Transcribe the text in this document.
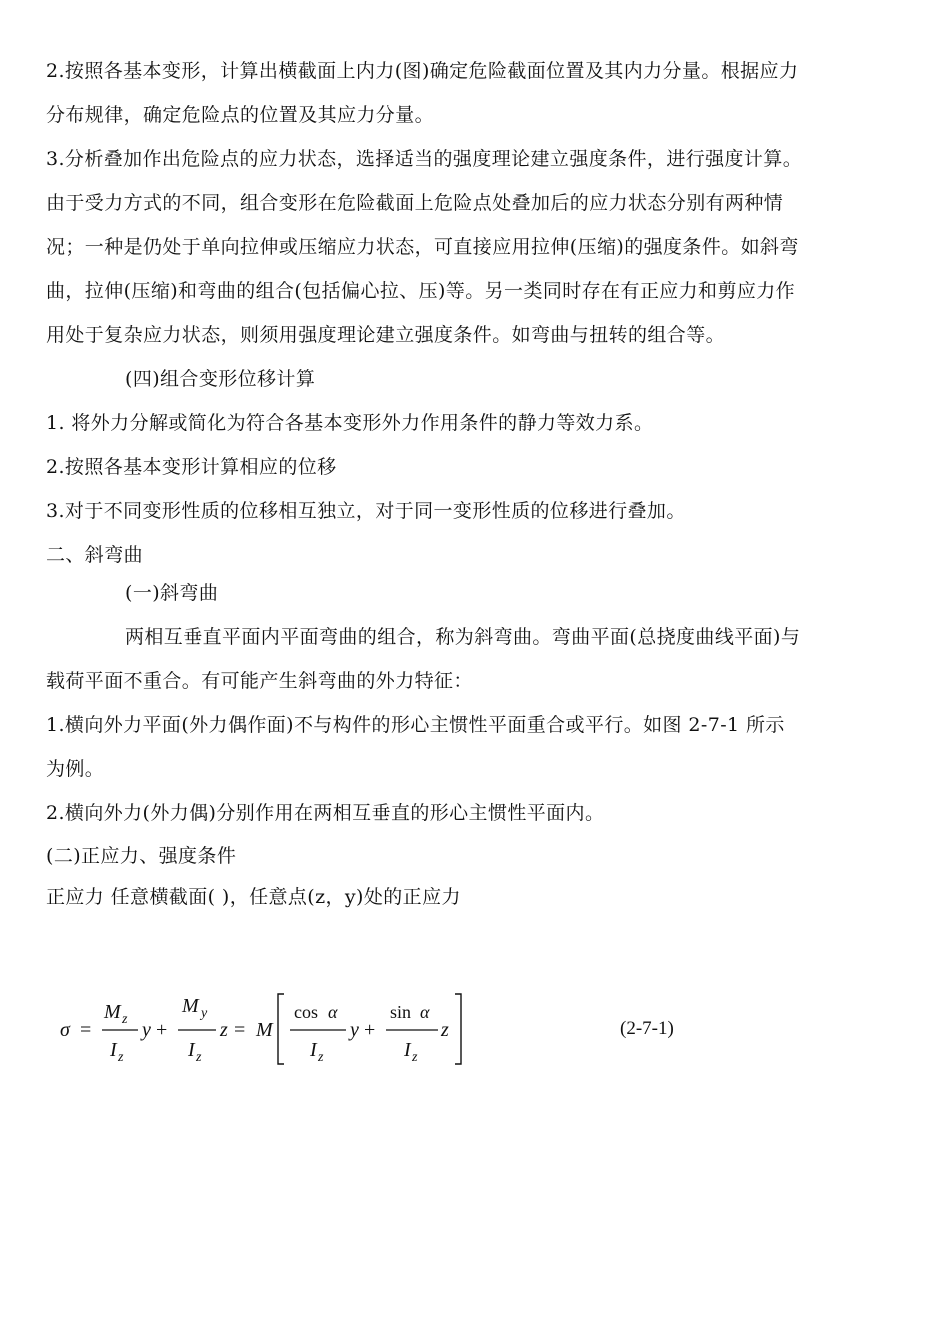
2.按照各基本变形，计算出横截面上内力(图)确定危险截面位置及其内力分量。根据应力
分布规律，确定危险点的位置及其应力分量。
3.分析叠加作出危险点的应力状态，选择适当的强度理论建立强度条件，进行强度计算。
由于受力方式的不同，组合变形在危险截面上危险点处叠加后的应力状态分别有两种情
况；一种是仍处于单向拉伸或压缩应力状态，可直接应用拉伸(压缩)的强度条件。如斜弯
曲，拉伸(压缩)和弯曲的组合(包括偏心拉、压)等。另一类同时存在有正应力和剪应力作
用处于复杂应力状态，则须用强度理论建立强度条件。如弯曲与扭转的组合等。
(四)组合变形位移计算
1. 将外力分解或简化为符合各基本变形外力作用条件的静力等效力系。
2.按照各基本变形计算相应的位移
3.对于不同变形性质的位移相互独立，对于同一变形性质的位移进行叠加。
二、斜弯曲
(一)斜弯曲
两相互垂直平面内平面弯曲的组合，称为斜弯曲。弯曲平面(总挠度曲线平面)与
载荷平面不重合。有可能产生斜弯曲的外力特征：
1.横向外力平面(外力偶作面)不与构件的形心主惯性平面重合或平行。如图 2-7-1 所示
为例。
2.横向外力(外力偶)分别作用在两相互垂直的形心主惯性平面内。
(二)正应力、强度条件
正应力 任意横截面( )，任意点(z，y)处的正应力
σ =
M z
I z
y +
M y
I z
z = M
cos α
I z
y +
sin α
I z
z	(2-7-1)
